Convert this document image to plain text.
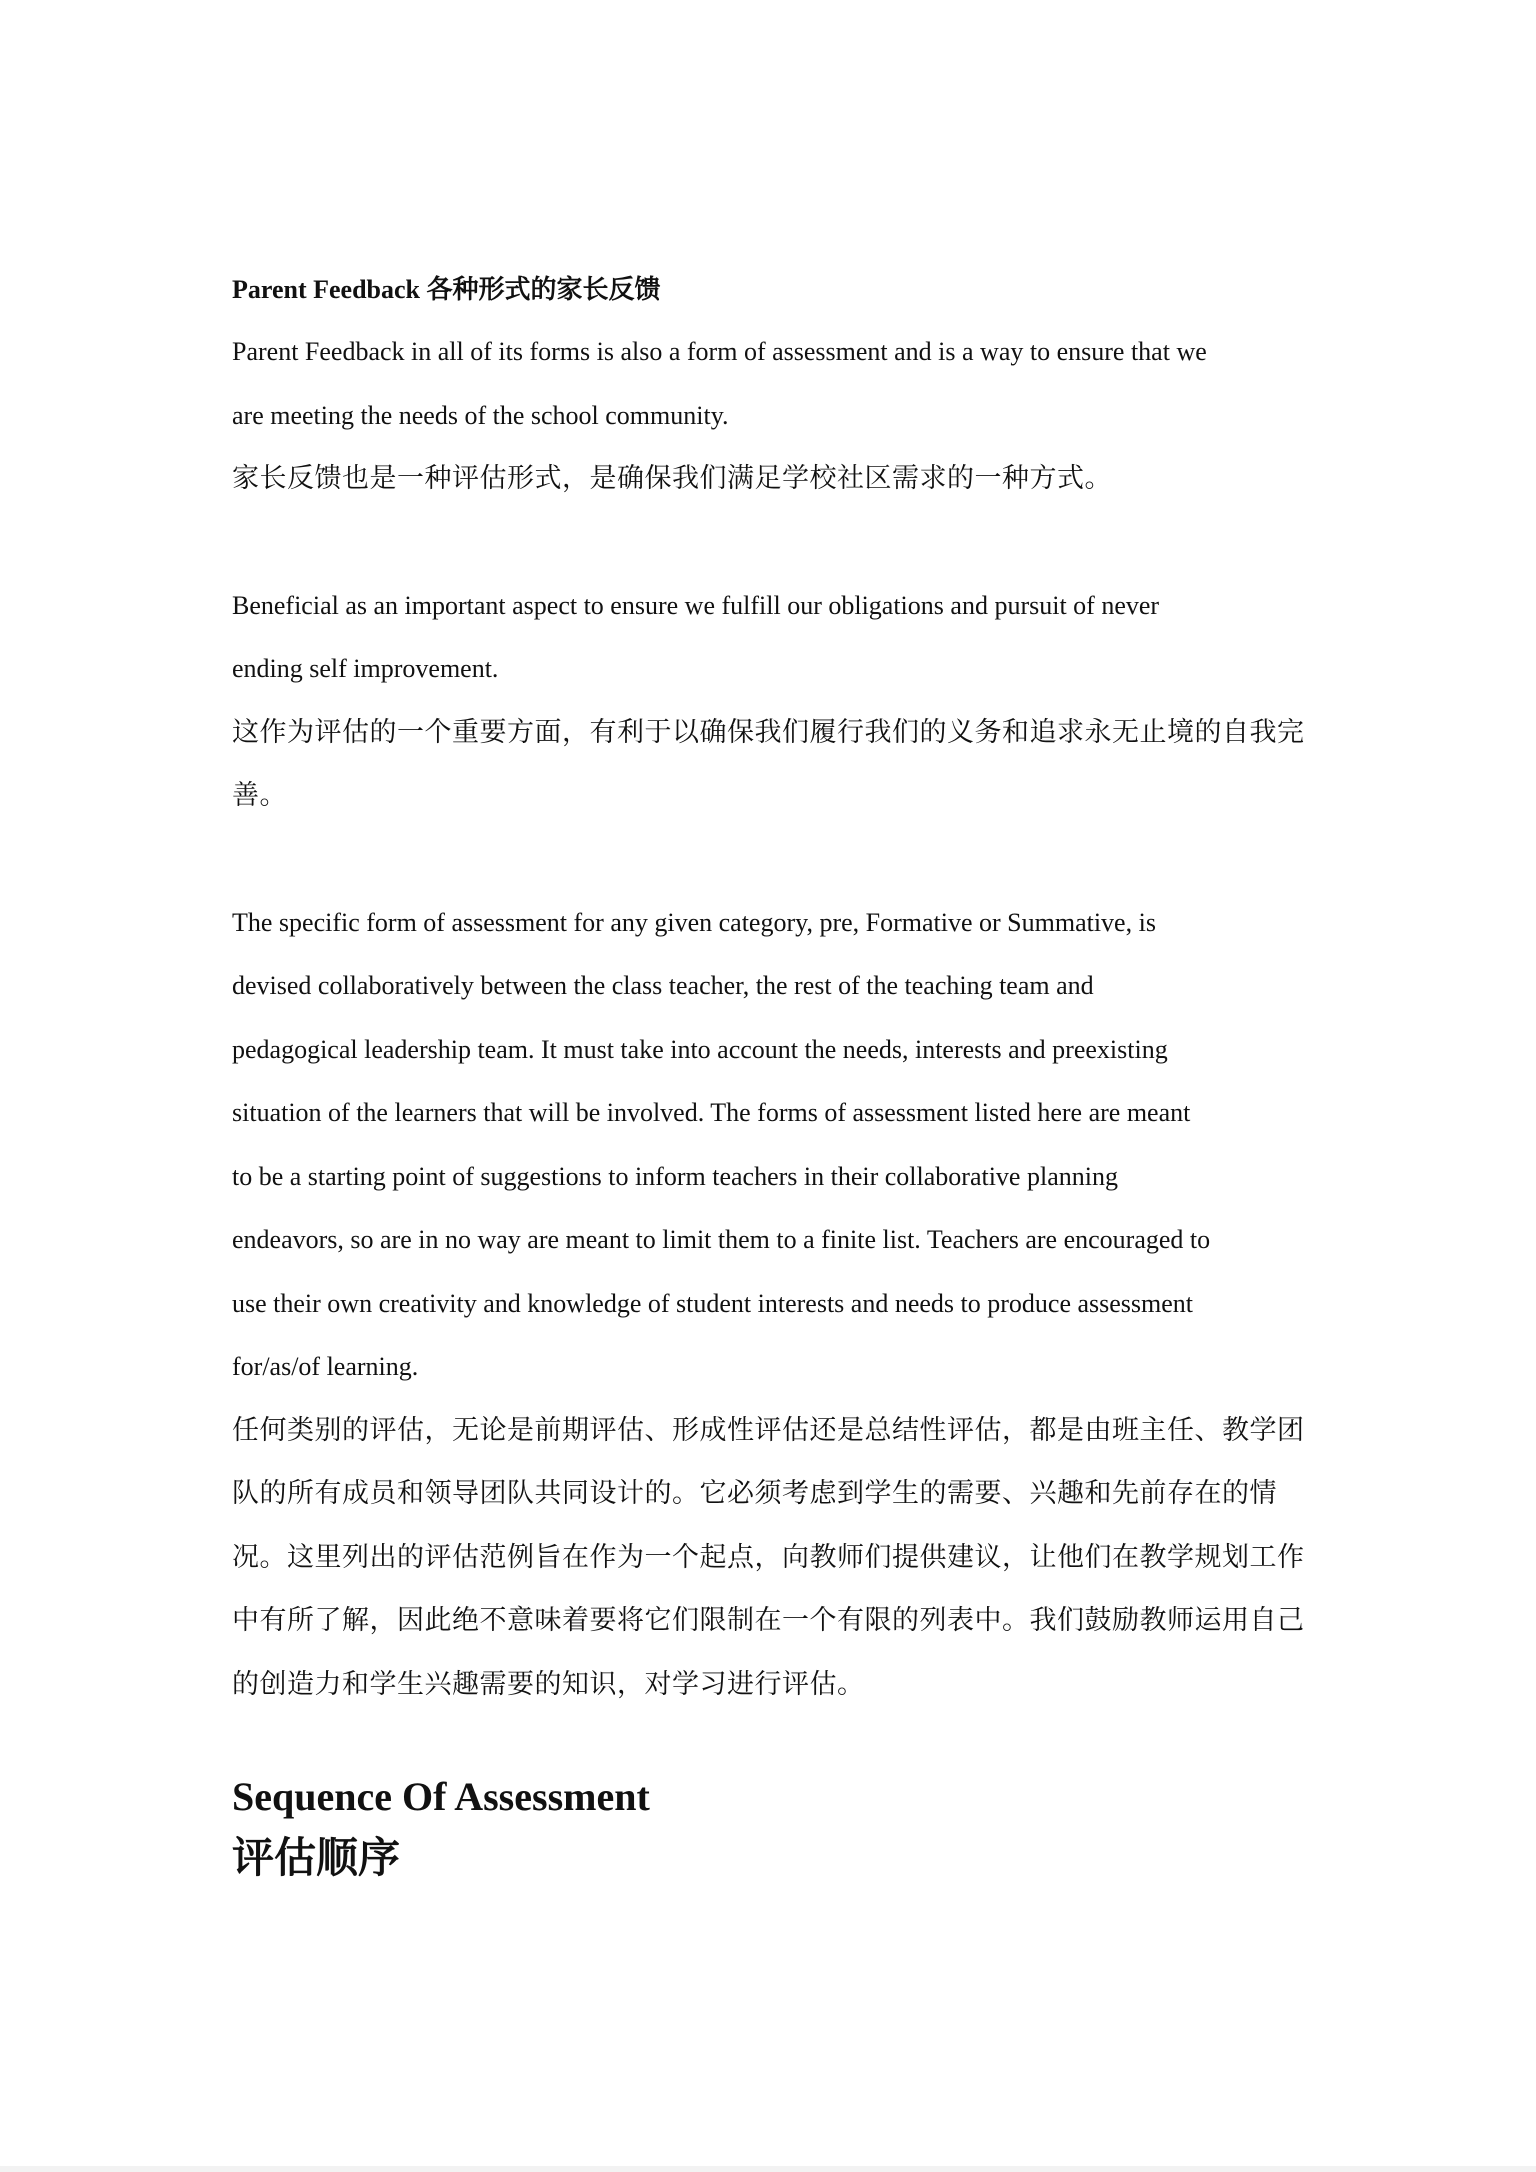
Parent Feedback 各种形式的家长反馈

Parent Feedback in all of its forms is also a form of assessment and is a way to ensure that we
are meeting the needs of the school community.

家长反馈也是一种评估形式，是确保我们满足学校社区需求的一种方式。

Beneficial as an important aspect to ensure we fulfill our obligations and pursuit of never
ending self improvement.

这作为评估的一个重要方面，有利于以确保我们履行我们的义务和追求永无止境的自我完善。

The specific form of assessment for any given category, pre, Formative or Summative, is
devised collaboratively between the class teacher, the rest of the teaching team and
pedagogical leadership team. It must take into account the needs, interests and preexisting
situation of the learners that will be involved. The forms of assessment listed here are meant
to be a starting point of suggestions to inform teachers in their collaborative planning
endeavors, so are in no way are meant to limit them to a finite list. Teachers are encouraged to
use their own creativity and knowledge of student interests and needs to produce assessment
for/as/of learning.

任何类别的评估，无论是前期评估、形成性评估还是总结性评估，都是由班主任、教学团队的所有成员和领导团队共同设计的。它必须考虑到学生的需要、兴趣和先前存在的情况。这里列出的评估范例旨在作为一个起点，向教师们提供建议，让他们在教学规划工作中有所了解，因此绝不意味着要将它们限制在一个有限的列表中。我们鼓励教师运用自己的创造力和学生兴趣需要的知识，对学习进行评估。

Sequence Of Assessment
评估顺序
